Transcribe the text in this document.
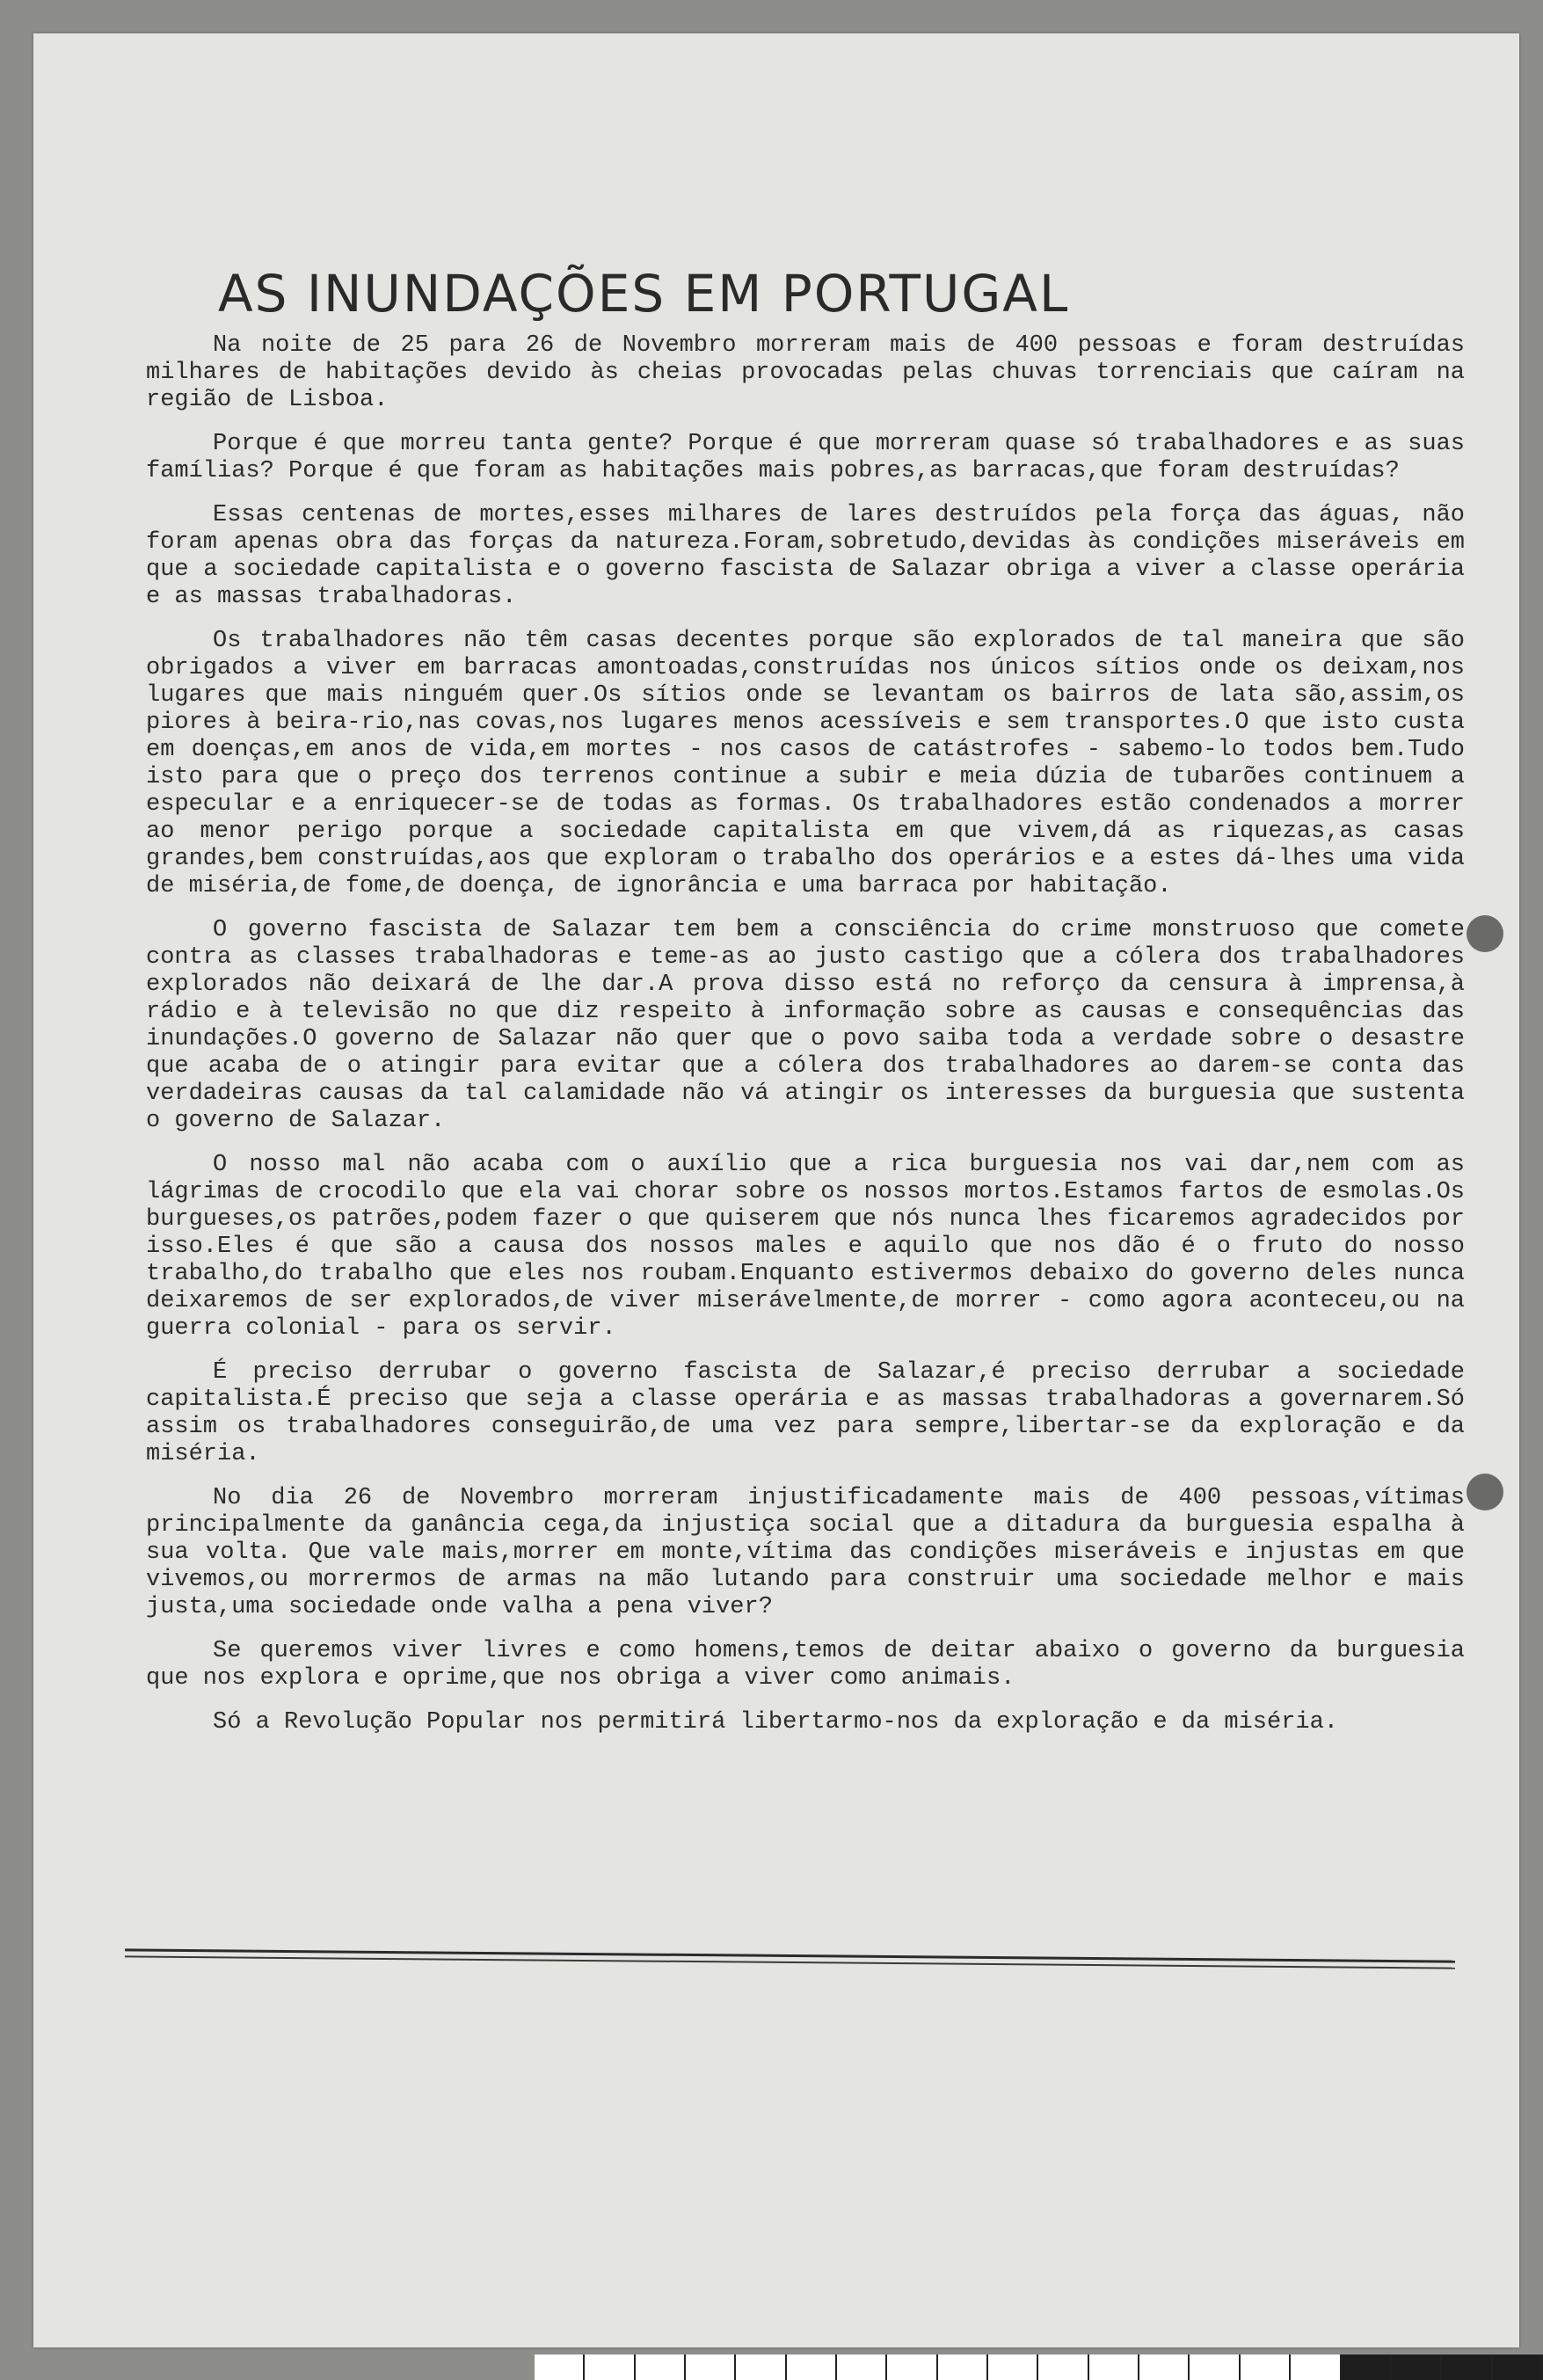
AS INUNDAÇÕES EM PORTUGAL

Na noite de 25 para 26 de Novembro morreram mais de 400 pessoas e foram destruídas milhares de habitações devido às cheias provocadas pelas chuvas torrenciais que caíram na região de Lisboa.

Porque é que morreu tanta gente? Porque é que morreram quase só trabalhadores e as suas famílias? Porque é que foram as habitações mais pobres,as barracas,que foram destruídas?

Essas centenas de mortes,esses milhares de lares destruídos pela força das águas, não foram apenas obra das forças da natureza.Foram,sobretudo,devidas às condições miseráveis em que a sociedade capitalista e o governo fascista de Salazar obriga a viver a classe operária e as massas trabalhadoras.

Os trabalhadores não têm casas decentes porque são explorados de tal maneira que são obrigados a viver em barracas amontoadas,construídas nos únicos sítios onde os deixam,nos lugares que mais ninguém quer.Os sítios onde se levantam os bairros de lata são,assim,os piores à beira-rio,nas covas,nos lugares menos acessíveis e sem transportes.O que isto custa em doenças,em anos de vida,em mortes - nos casos de catástrofes - sabemo-lo todos bem.Tudo isto para que o preço dos terrenos continue a subir e meia dúzia de tubarões continuem a especular e a enriquecer-se de todas as formas. Os trabalhadores estão condenados a morrer ao menor perigo porque a sociedade capitalista em que vivem,dá as riquezas,as casas grandes,bem construídas,aos que exploram o trabalho dos operários e a estes dá-lhes uma vida de miséria,de fome,de doença, de ignorância e uma barraca por habitação.

O governo fascista de Salazar tem bem a consciência do crime monstruoso que comete contra as classes trabalhadoras e teme-as ao justo castigo que a cólera dos trabalhadores explorados não deixará de lhe dar.A prova disso está no reforço da censura à imprensa,à rádio e à televisão no que diz respeito à informação sobre as causas e consequências das inundações.O governo de Salazar não quer que o povo saiba toda a verdade sobre o desastre que acaba de o atingir para evitar que a cólera dos trabalhadores ao darem-se conta das verdadeiras causas da tal calamidade não vá atingir os interesses da burguesia que sustenta o governo de Salazar.

O nosso mal não acaba com o auxílio que a rica burguesia nos vai dar,nem com as lágrimas de crocodilo que ela vai chorar sobre os nossos mortos.Estamos fartos de esmolas.Os burgueses,os patrões,podem fazer o que quiserem que nós nunca lhes ficaremos agradecidos por isso.Eles é que são a causa dos nossos males e aquilo que nos dão é o fruto do nosso trabalho,do trabalho que eles nos roubam.Enquanto estivermos debaixo do governo deles nunca deixaremos de ser explorados,de viver miserávelmente,de morrer - como agora aconteceu,ou na guerra colonial - para os servir.

É preciso derrubar o governo fascista de Salazar,é preciso derrubar a sociedade capitalista.É preciso que seja a classe operária e as massas trabalhadoras a governarem.Só assim os trabalhadores conseguirão,de uma vez para sempre,libertar-se da exploração e da miséria.

No dia 26 de Novembro morreram injustificadamente mais de 400 pessoas,vítimas principalmente da ganância cega,da injustiça social que a ditadura da burguesia espalha à sua volta. Que vale mais,morrer em monte,vítima das condições miseráveis e injustas em que vivemos,ou morrermos de armas na mão lutando para construir uma sociedade melhor e mais justa,uma sociedade onde valha a pena viver?

Se queremos viver livres e como homens,temos de deitar abaixo o governo da burguesia que nos explora e oprime,que nos obriga a viver como animais.

Só a Revolução Popular nos permitirá libertarmo-nos da exploração e da miséria.
